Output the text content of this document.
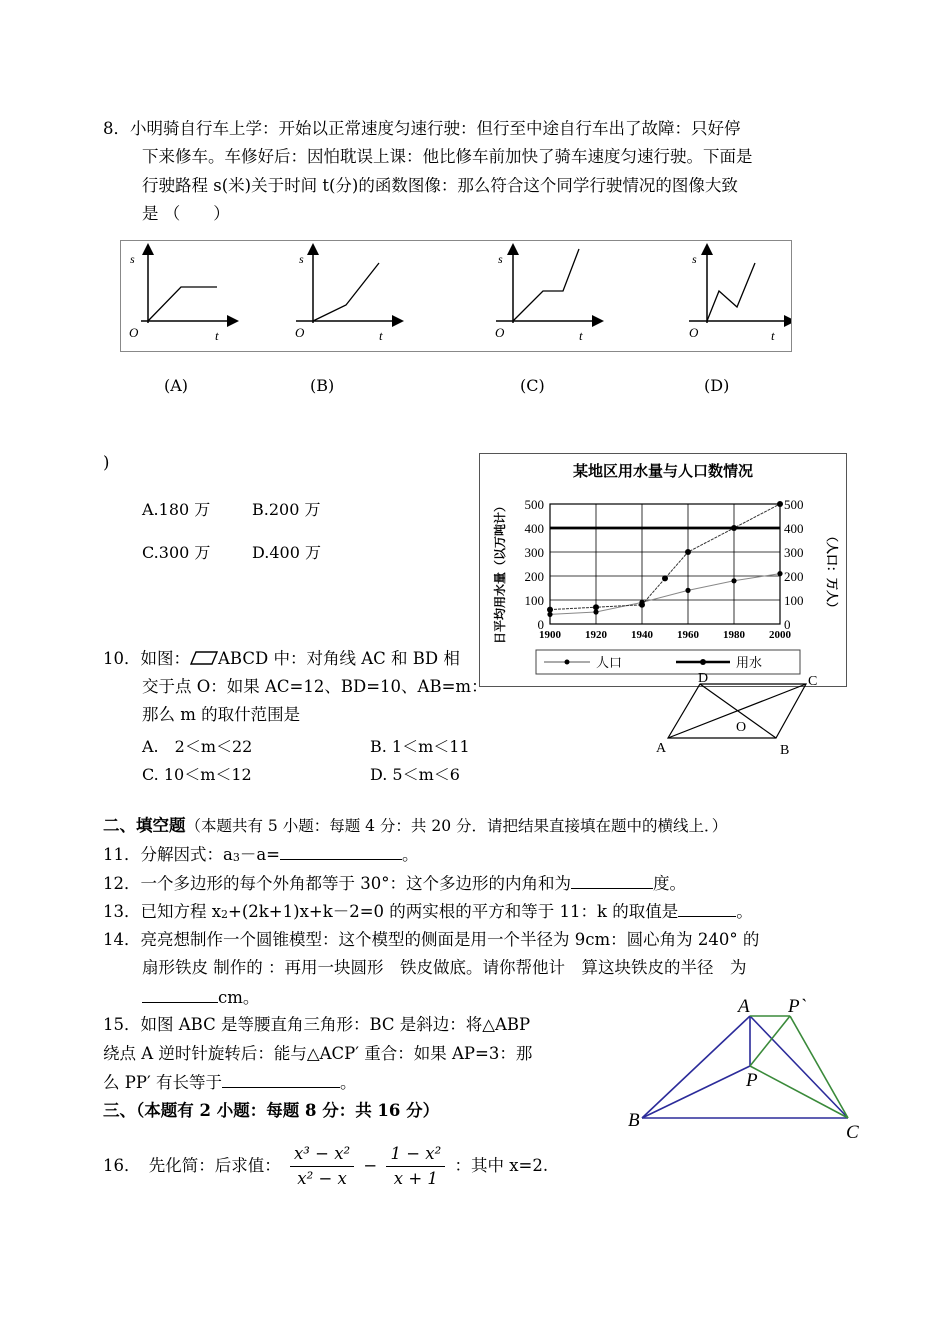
8．小明骑自行车上学：开始以正常速度匀速行驶：但行至中途自行车出了故障：只好停
下来修车。车修好后：因怕耽误上课：他比修车前加快了骑车速度匀速行驶。下面是
行驶路程 s(米)关于时间 t(分)的函数图像：那么符合这个同学行驶情况的图像大致
是 （　　）
s
O	t
s
O	t
s
O	t
s
O	t
(A)	(B)	(C)	(D)
)
A.180 万	B.200 万
C.300 万	D.400 万
某地区用水量与人口数情况
0	0
100	100
200	200
300	300
400	400
500	500
1900 1920 1940 1960 1980 2000
日平均用水量（以万吨计）	（人口：万人）
人口	用水
10．如图： ABCD 中：对角线 AC 和 BD 相
交于点 O：如果 AC=12、BD=10、AB=m：
那么 m 的取什范围是
A.　2＜m＜22	B. 1＜m＜11
C. 10＜m＜12	D. 5＜m＜6
D	C
O
A	B
二、填空题（本题共有 5 小题：每题 4 分：共 20 分．请把结果直接填在题中的横线上．）
11．分解因式：$a_3-a=$	。
12．一个多边形的每个外角都等于 30°：这个多边形的内角和为	度。
13．已知方程 $x_2+(2k+1)x+k-2=0$ 的两实根的平方和等于 11：k 的取值是	。
14．亮亮想制作一个圆锥模型：这个模型的侧面是用一个半径为 9cm：圆心角为 240° 的
扇形铁皮 制作的 ：再用一块圆形　铁皮做底。请你帮他计　算这块铁皮的半径　为
cm。
15．如图 ABC 是等腰直角三角形：BC 是斜边：将△ABP
绕点 A 逆时针旋转后：能与△ACP′ 重合：如果 AP=3：那
么 PP′ 有长等于	。
A P`
P
B
C
三、（本题有 2 小题：每题 8 分：共 16 分）
16．　先化简：后求值： $\frac{\text{x³ − x²}}{\text{x² − x}} - \frac{\text{1 − x²}}{x + 1}$ ：其中 x=2.
